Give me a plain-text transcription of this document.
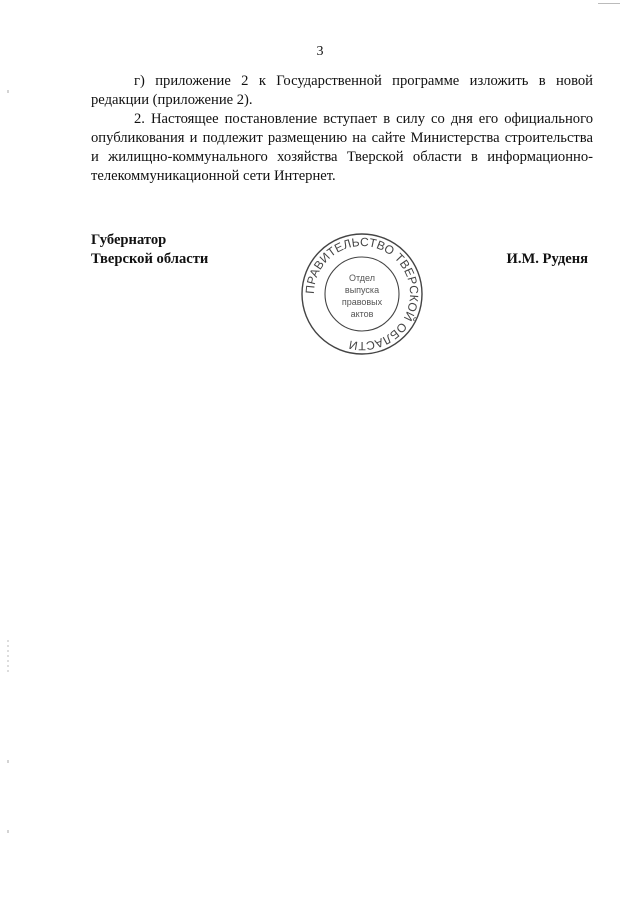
3

г) приложение 2 к Государственной программе изложить в новой редакции (приложение 2).

2. Настоящее постановление вступает в силу со дня его официального опубликования и подлежит размещению на сайте Министерства строительства и жилищно-коммунального хозяйства Тверской области в информационно-телекоммуникационной сети Интернет.

Губернатор
Тверской области	И.М. Руденя
ПРАВИТЕЛЬСТВО ТВЕРСКОЙ ОБЛАСТИ
Отдел
выпуска
правовых
актов
